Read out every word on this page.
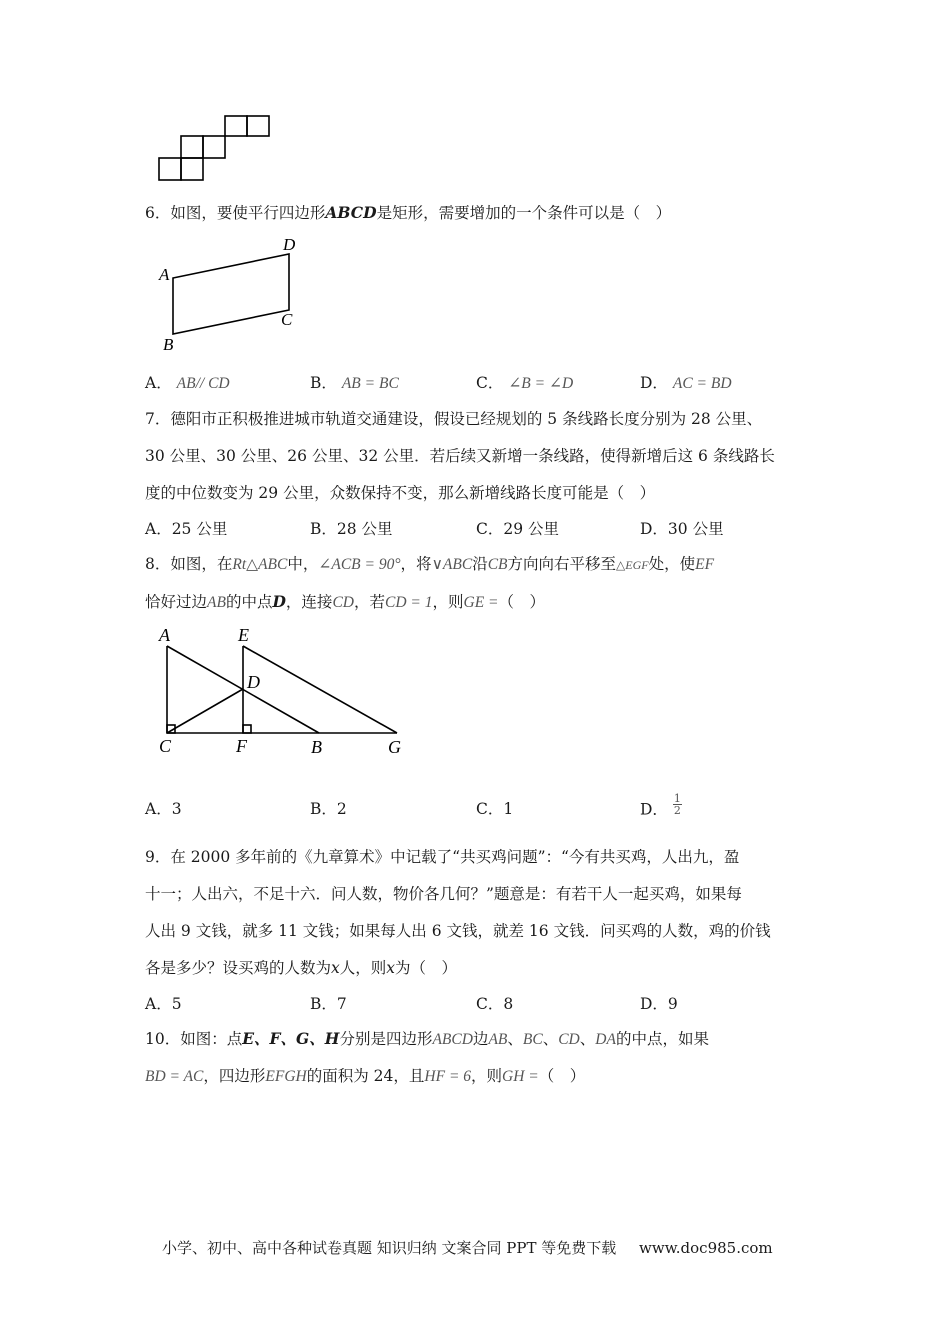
6．如图，要使平行四边形ABCD是矩形，需要增加的一个条件可以是（　）
A
B
C
D
A． AB// CD	B． AB = BC	C． ∠B = ∠D	D． AC = BD
7．德阳市正积极推进城市轨道交通建设，假设已经规划的 5 条线路长度分别为 28 公里、
30 公里、30 公里、26 公里、32 公里．若后续又新增一条线路，使得新增后这 6 条线路长
度的中位数变为 29 公里，众数保持不变，那么新增线路长度可能是（　）
A．25 公里	B．28 公里	C．29 公里	D．30 公里
8．如图，在Rt△ABC中，∠ACB = 90°，将∨ABC沿CB方向向右平移至△EGF处，使EF
恰好过边AB的中点D，连接CD，若CD = 1，则GE =（　）
A	E
D
C	F	B	G
A．3	B．2	C．1	D． $\frac{1}{2}$
9．在 2000 多年前的《九章算术》中记载了“共买鸡问题”：“今有共买鸡，人出九，盈
十一；人出六，不足十六．问人数，物价各几何？”题意是：有若干人一起买鸡，如果每
人出 9 文钱，就多 11 文钱；如果每人出 6 文钱，就差 16 文钱．问买鸡的人数，鸡的价钱
各是多少？设买鸡的人数为x人，则x为（　）
A．5	B．7	C．8	D．9
10．如图：点E、F、G、H分别是四边形ABCD边AB、BC、CD、DA的中点，如果
BD = AC，四边形EFGH的面积为 24，且HF = 6，则GH =（　）
小学、初中、高中各种试卷真题 知识归纳 文案合同 PPT 等免费下载 www.doc985.com
